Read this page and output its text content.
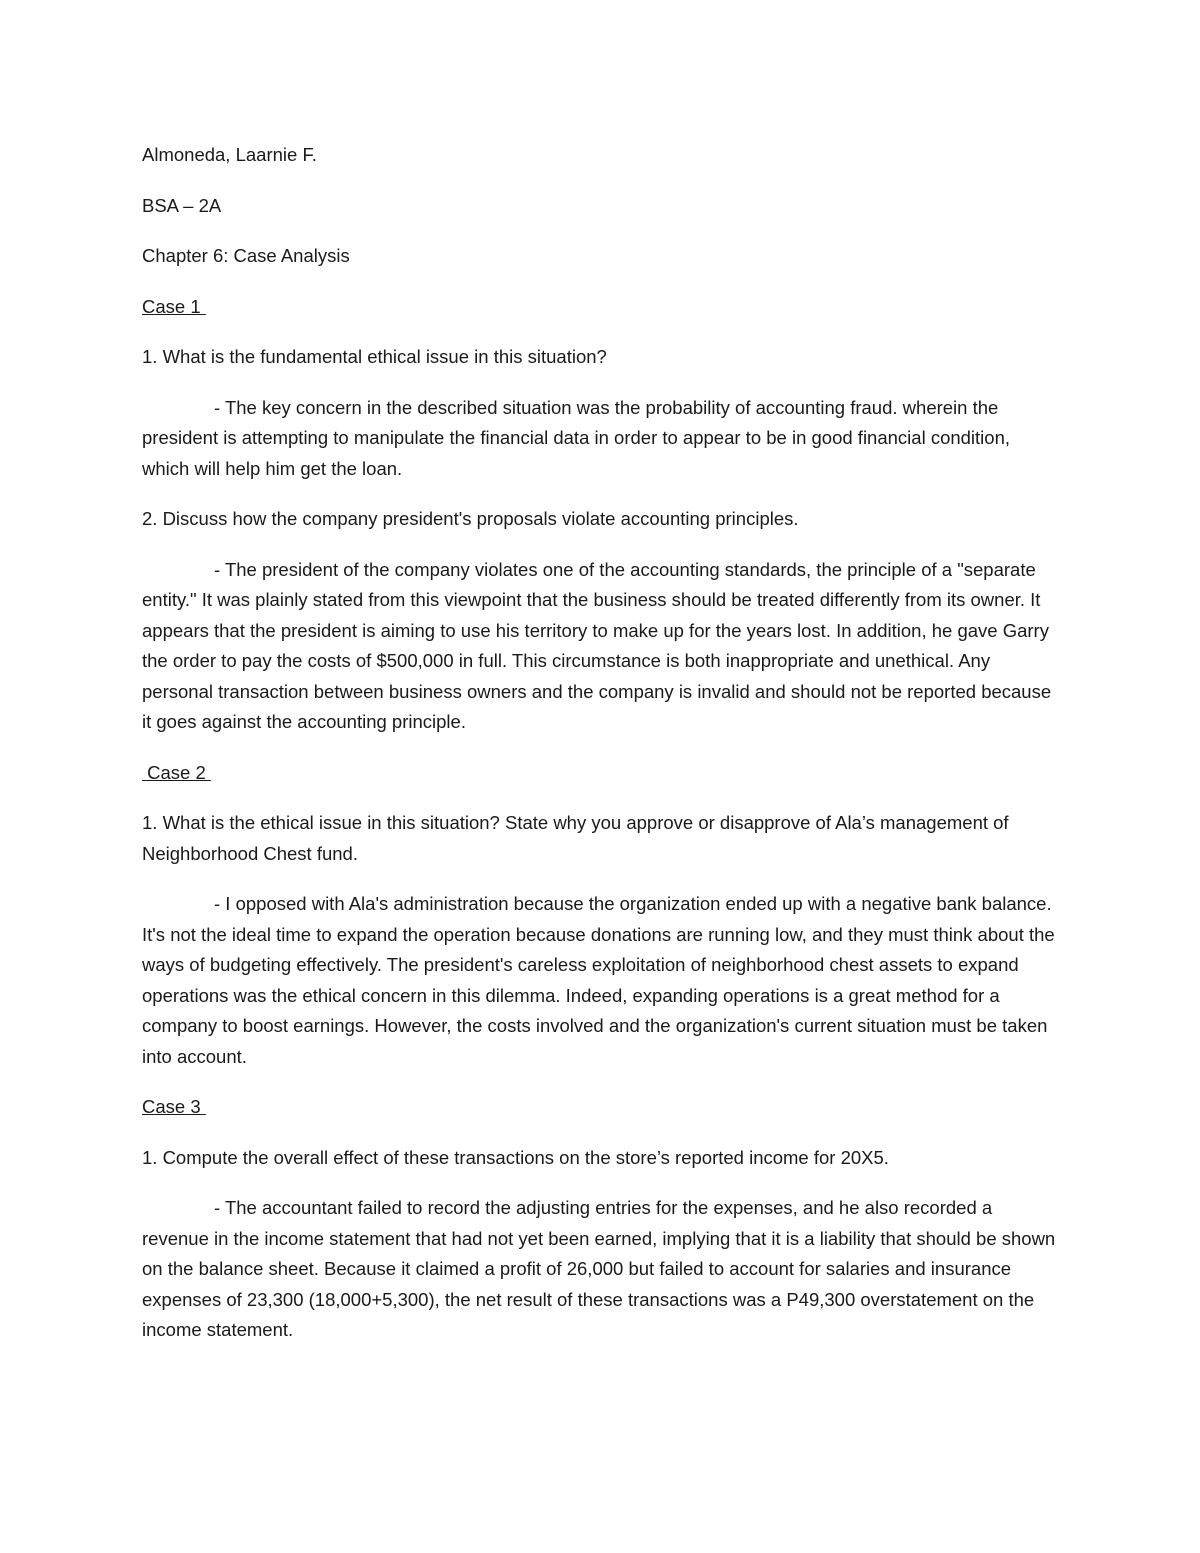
Almoneda, Laarnie F.

BSA – 2A

Chapter 6: Case Analysis

Case 1

1. What is the fundamental ethical issue in this situation?

- The key concern in the described situation was the probability of accounting fraud. wherein the president is attempting to manipulate the financial data in order to appear to be in good financial condition, which will help him get the loan.

2. Discuss how the company president's proposals violate accounting principles.

- The president of the company violates one of the accounting standards, the principle of a "separate entity." It was plainly stated from this viewpoint that the business should be treated differently from its owner. It appears that the president is aiming to use his territory to make up for the years lost. In addition, he gave Garry the order to pay the costs of $500,000 in full. This circumstance is both inappropriate and unethical. Any personal transaction between business owners and the company is invalid and should not be reported because it goes against the accounting principle.

Case 2

1. What is the ethical issue in this situation? State why you approve or disapprove of Ala’s management of Neighborhood Chest fund.

- I opposed with Ala's administration because the organization ended up with a negative bank balance. It's not the ideal time to expand the operation because donations are running low, and they must think about the ways of budgeting effectively. The president's careless exploitation of neighborhood chest assets to expand operations was the ethical concern in this dilemma. Indeed, expanding operations is a great method for a company to boost earnings. However, the costs involved and the organization's current situation must be taken into account.

Case 3

1. Compute the overall effect of these transactions on the store’s reported income for 20X5.

- The accountant failed to record the adjusting entries for the expenses, and he also recorded a revenue in the income statement that had not yet been earned, implying that it is a liability that should be shown on the balance sheet. Because it claimed a profit of 26,000 but failed to account for salaries and insurance expenses of 23,300 (18,000+5,300), the net result of these transactions was a P49,300 overstatement on the income statement.
